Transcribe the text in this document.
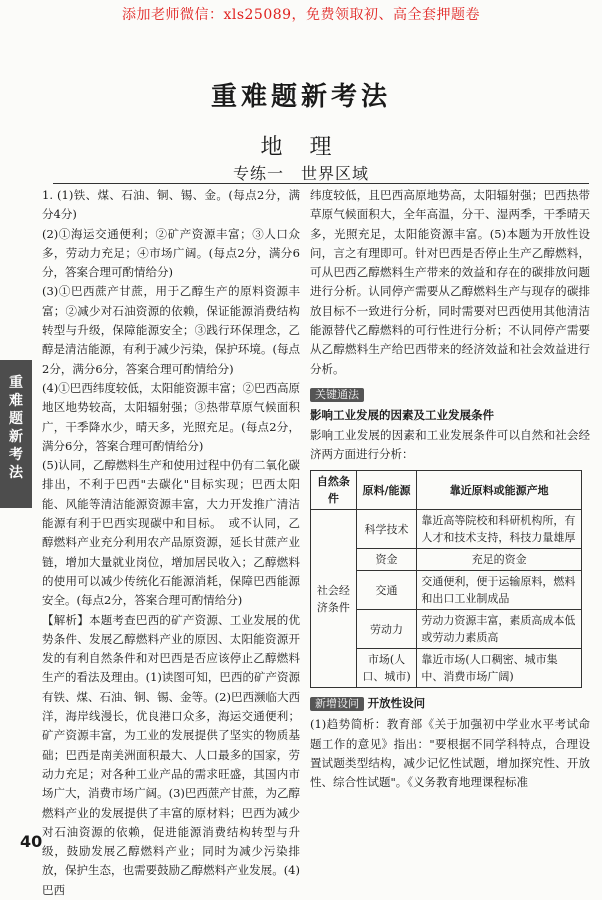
添加老师微信：xls25089，免费领取初、高全套押题卷
重难题新考法
地 理
专练一　世界区域
重
难
题
新
考
法

1. (1)铁、煤、石油、铜、锡、金。(每点2分，满分4分)

(2)①海运交通便利；②矿产资源丰富；③人口众多，劳动力充足；④市场广阔。(每点2分，满分6分，答案合理可酌情给分)

(3)①巴西蔗产甘蔗，用于乙醇生产的原料资源丰富；②减少对石油资源的依赖，保证能源消费结构转型与升级，保障能源安全；③践行环保理念，乙醇是清洁能源，有利于减少污染，保护环境。(每点2分，满分6分，答案合理可酌情给分)

(4)①巴西纬度较低，太阳能资源丰富；②巴西高原地区地势较高，太阳辐射强；③热带草原气候面积广，干季降水少，晴天多，光照充足。(每点2分，满分6分，答案合理可酌情给分)

(5)认同，乙醇燃料生产和使用过程中仍有二氧化碳排出，不利于巴西"去碳化"目标实现；巴西太阳能、风能等清洁能源资源丰富，大力开发推广清洁能源有利于巴西实现碳中和目标。　或不认同，乙醇燃料产业充分利用农产品原资源，延长甘蔗产业链，增加大量就业岗位，增加居民收入；乙醇燃料的使用可以减少传统化石能源消耗，保障巴西能源安全。(每点2分，答案合理可酌情给分)

【解析】本题考查巴西的矿产资源、工业发展的优势条件、发展乙醇燃料产业的原因、太阳能资源开发的有利自然条件和对巴西是否应该停止乙醇燃料生产的看法及理由。(1)读图可知，巴西的矿产资源有铁、煤、石油、铜、锡、金等。(2)巴西濒临大西洋，海岸线漫长，优良港口众多，海运交通便利；矿产资源丰富，为工业的发展提供了坚实的物质基础；巴西是南美洲面积最大、人口最多的国家，劳动力充足；对各种工业产品的需求旺盛，其国内市场广大，消费市场广阔。(3)巴西蔗产甘蔗，为乙醇燃料产业的发展提供了丰富的原材料；巴西为减少对石油资源的依赖，促进能源消费结构转型与升级，鼓励发展乙醇燃料产业；同时为减少污染排放，保护生态，也需要鼓励乙醇燃料产业发展。(4)巴西

纬度较低，且巴西高原地势高，太阳辐射强；巴西热带草原气候面积大，全年高温，分干、湿两季，干季晴天多，光照充足，太阳能资源丰富。(5)本题为开放性设问，言之有理即可。针对巴西是否停止生产乙醇燃料，可从巴西乙醇燃料生产带来的效益和存在的碳排放问题进行分析。认同停产需要从乙醇燃料生产与现存的碳排放目标不一致进行分析，同时需要对巴西使用其他清洁能源替代乙醇燃料的可行性进行分析；不认同停产需要从乙醇燃料生产给巴西带来的经济效益和社会效益进行分析。

关键通法

影响工业发展的因素及工业发展条件

影响工业发展的因素和工业发展条件可以自然和社会经济两方面进行分析：

自然条件	原料/能源	靠近原料或能源产地
社会经济条件	科学技术	靠近高等院校和科研机构所，有人才和技术支持，科技力量雄厚
	资金	充足的资金
	交通	交通便利，便于运输原料，燃料和出口工业制成品
	劳动力	劳动力资源丰富，素质高成本低或劳动力素质高
	市场(人口、城市)	靠近市场(人口稠密、城市集中、消费市场广阔)
新增设问 开放性设问

(1)趋势简析：教育部《关于加强初中学业水平考试命题工作的意见》指出："要根据不同学科特点，合理设置试题类型结构，减少记忆性试题，增加探究性、开放性、综合性试题"。《义务教育地理课程标准

40
